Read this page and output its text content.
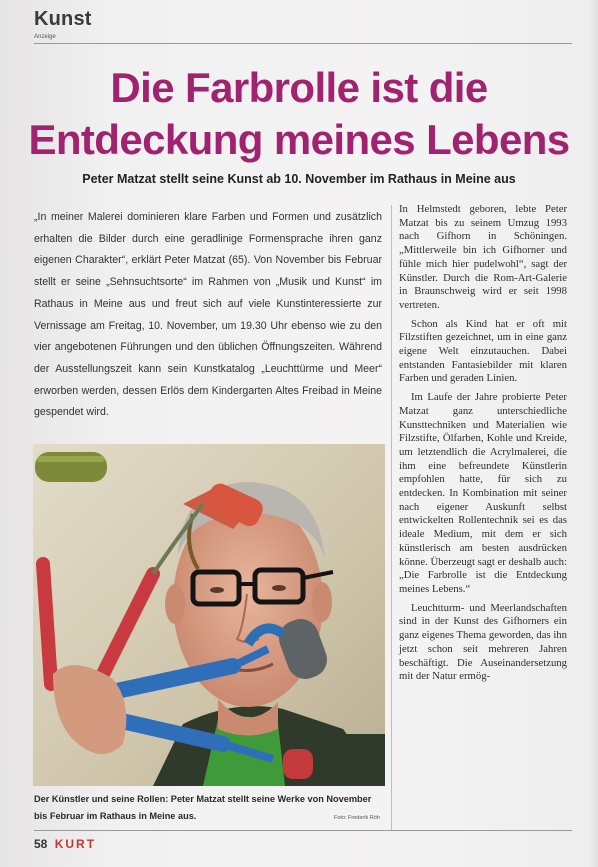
Kunst
Anzeige
Die Farbrolle ist die
Entdeckung meines Lebens
Peter Matzat stellt seine Kunst ab 10. November im Rathaus in Meine aus

„In meiner Malerei dominieren klare Farben und Formen und zusätzlich erhalten die Bilder durch eine geradlinige Formensprache ihren ganz eigenen Charakter“, erklärt Peter Matzat (65). Von November bis Februar stellt er seine „Sehnsuchtsorte“ im Rahmen von „Musik und Kunst“ im Rathaus in Meine aus und freut sich auf viele Kunstinteressierte zur Vernissage am Freitag, 10. November, um 19.30 Uhr ebenso wie zu den vier angebotenen Führungen und den üblichen Öffnungszeiten. Während der Ausstellungszeit kann sein Kunstkatalog „Leuchttürme und Meer“ erworben werden, dessen Erlös dem Kindergarten Altes Freibad in Meine gespendet wird.

Der Künstler und seine Rollen: Peter Matzat stellt seine Werke von November bis Februar im Rathaus in Meine aus.	Foto: Frederik Röh

In Helmstedt geboren, lebte Peter Matzat bis zu seinem Umzug 1993 nach Gifhorn in Schöningen. „Mittlerweile bin ich Gifhorner und fühle mich hier pudelwohl“, sagt der Künstler. Durch die Rom-Art-Galerie in Braunschweig wird er seit 1998 vertreten.

Schon als Kind hat er oft mit Filzstiften gezeichnet, um in eine ganz eigene Welt einzutauchen. Dabei entstanden Fantasiebilder mit klaren Farben und geraden Linien.

Im Laufe der Jahre probierte Peter Matzat ganz unterschiedliche Kunsttechniken und Materialien wie Filzstifte, Ölfarben, Kohle und Kreide, um letztendlich die Acrylmalerei, die ihm eine befreundete Künstlerin empfohlen hatte, für sich zu entdecken. In Kombination mit seiner nach eigener Auskunft selbst entwickelten Rollentechnik sei es das ideale Medium, mit dem er sich künstlerisch am besten ausdrücken könne. Überzeugt sagt er deshalb auch: „Die Farbrolle ist die Entdeckung meines Lebens.“

Leuchtturm- und Meerlandschaften sind in der Kunst des Gifhorners ein ganz eigenes Thema geworden, das ihn jetzt schon seit mehreren Jahren beschäftigt. Die Auseinandersetzung mit der Natur ermög-

58 KURT
